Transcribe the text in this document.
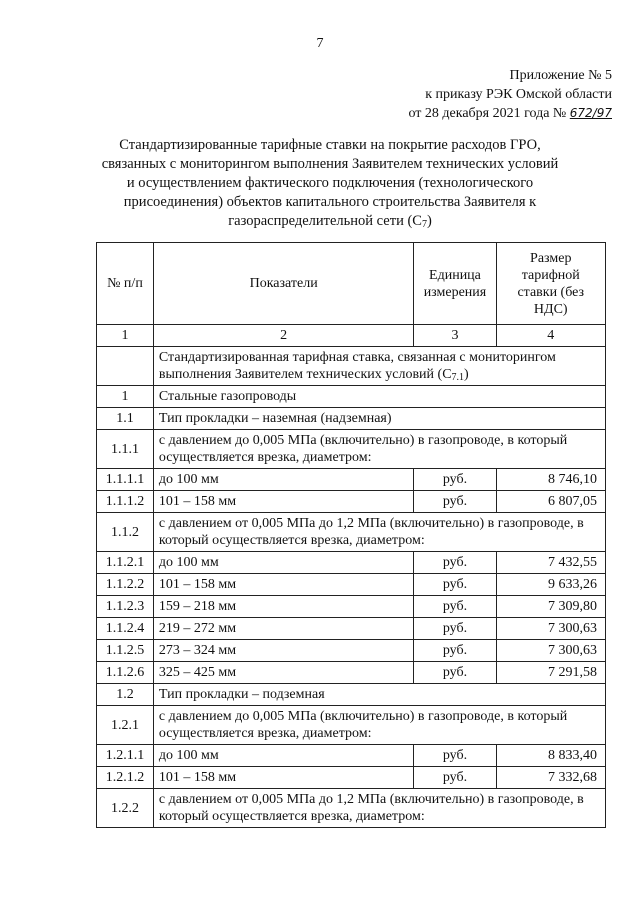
7
Приложение № 5
к приказу РЭК Омской области
от 28 декабря 2021 года № 672/97
Стандартизированные тарифные ставки на покрытие расходов ГРО, связанных с мониторингом выполнения Заявителем технических условий и осуществлением фактического подключения (технологического присоединения) объектов капитального строительства Заявителя к газораспределительной сети $(С_7)$
№ п/п	Показатели	Единица измерения	Размер тарифной ставки (без НДС)
1	2	3	4
	Стандартизированная тарифная ставка, связанная с мониторингом выполнения Заявителем технических условий $(С_{7.1})$		
1	Стальные газопроводы		
1.1	Тип прокладки – наземная (надземная)		
1.1.1	с давлением до 0,005 МПа (включительно) в газопроводе, в который осуществляется врезка, диаметром:		
1.1.1.1	до 100 мм	руб.	8 746,10
1.1.1.2	101 – 158 мм	руб.	6 807,05
1.1.2	с давлением от 0,005 МПа до 1,2 МПа (включительно) в газопроводе, в который осуществляется врезка, диаметром:		
1.1.2.1	до 100 мм	руб.	7 432,55
1.1.2.2	101 – 158 мм	руб.	9 633,26
1.1.2.3	159 – 218 мм	руб.	7 309,80
1.1.2.4	219 – 272 мм	руб.	7 300,63
1.1.2.5	273 – 324 мм	руб.	7 300,63
1.1.2.6	325 – 425 мм	руб.	7 291,58
1.2	Тип прокладки – подземная		
1.2.1	с давлением до 0,005 МПа (включительно) в газопроводе, в который осуществляется врезка, диаметром:		
1.2.1.1	до 100 мм	руб.	8 833,40
1.2.1.2	101 – 158 мм	руб.	7 332,68
1.2.2	с давлением от 0,005 МПа до 1,2 МПа (включительно) в газопроводе, в который осуществляется врезка, диаметром:		
